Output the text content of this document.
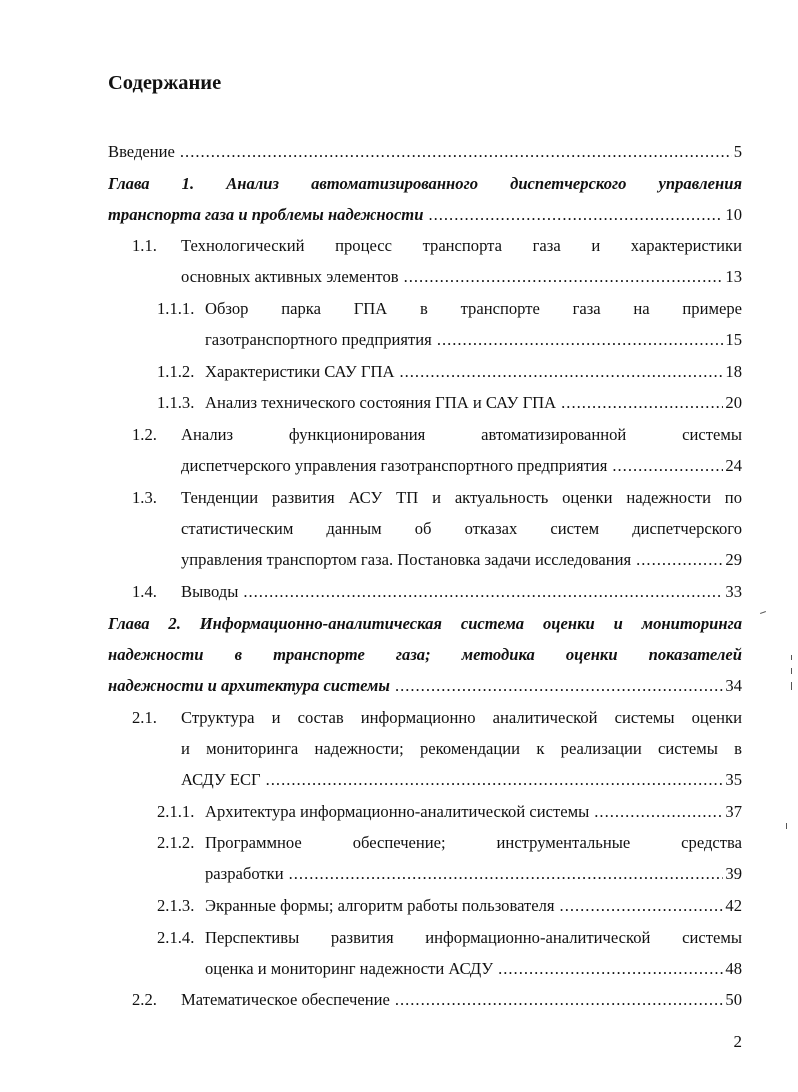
Содержание
Введение .....	5
Глава 1. Анализ автоматизированного диспетчерского управления
транспорта газа и проблемы надежности .....	10
1.1. Технологический процесс транспорта газа и характеристики
основных активных элементов .....	13
1.1.1. Обзор парка ГПА в транспорте газа на примере
газотранспортного предприятия .....	15
1.1.2. Характеристики САУ ГПА .....	18
1.1.3. Анализ технического состояния ГПА и САУ ГПА .....	20
1.2. Анализ функционирования автоматизированной системы
диспетчерского управления газотранспортного предприятия .....	24
1.3. Тенденции развития АСУ ТП и актуальность оценки надежности по
статистическим данным об отказах систем диспетчерского
управления транспортом газа. Постановка задачи исследования .....	29
1.4. Выводы .....	33
Глава 2. Информационно-аналитическая система оценки и мониторинга
надежности в транспорте газа; методика оценки показателей
надежности и архитектура системы .....	34
2.1. Структура и состав информационно аналитической системы оценки
и мониторинга надежности; рекомендации к реализации системы в
АСДУ ЕСГ .....	35
2.1.1. Архитектура информационно-аналитической системы .....	37
2.1.2. Программное обеспечение; инструментальные средства
разработки .....	39
2.1.3. Экранные формы; алгоритм работы пользователя .....	42
2.1.4. Перспективы развития информационно-аналитической системы
оценка и мониторинг надежности АСДУ .....	48
2.2. Математическое обеспечение .....	50
2
